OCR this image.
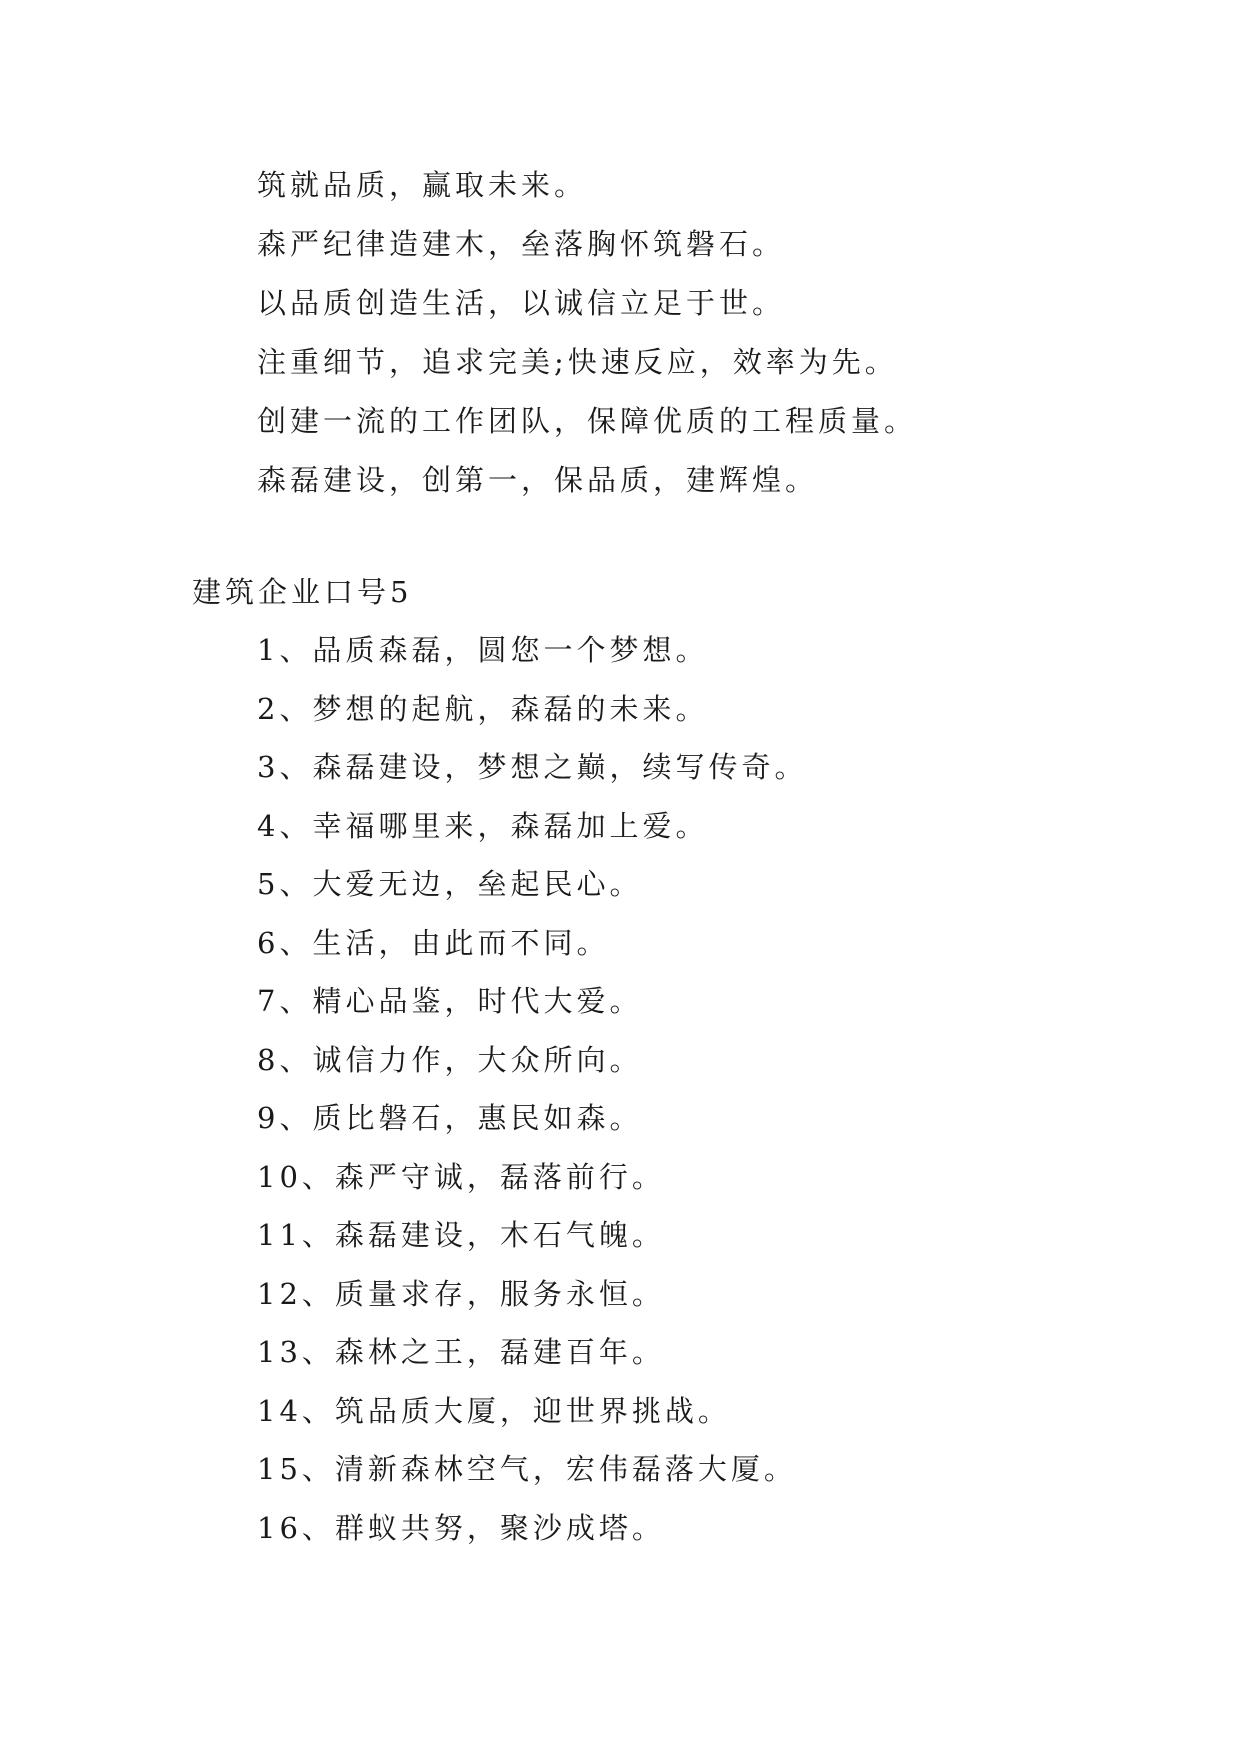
筑就品质，赢取未来。
森严纪律造建木，垒落胸怀筑磐石。
以品质创造生活，以诚信立足于世。
注重细节，追求完美;快速反应，效率为先。
创建一流的工作团队，保障优质的工程质量。
森磊建设，创第一，保品质，建辉煌。
建筑企业口号5
1、品质森磊，圆您一个梦想。
2、梦想的起航，森磊的未来。
3、森磊建设，梦想之巅，续写传奇。
4、幸福哪里来，森磊加上爱。
5、大爱无边，垒起民心。
6、生活，由此而不同。
7、精心品鉴，时代大爱。
8、诚信力作，大众所向。
9、质比磐石，惠民如森。
10、森严守诚，磊落前行。
11、森磊建设，木石气魄。
12、质量求存，服务永恒。
13、森林之王，磊建百年。
14、筑品质大厦，迎世界挑战。
15、清新森林空气，宏伟磊落大厦。
16、群蚁共努，聚沙成塔。
